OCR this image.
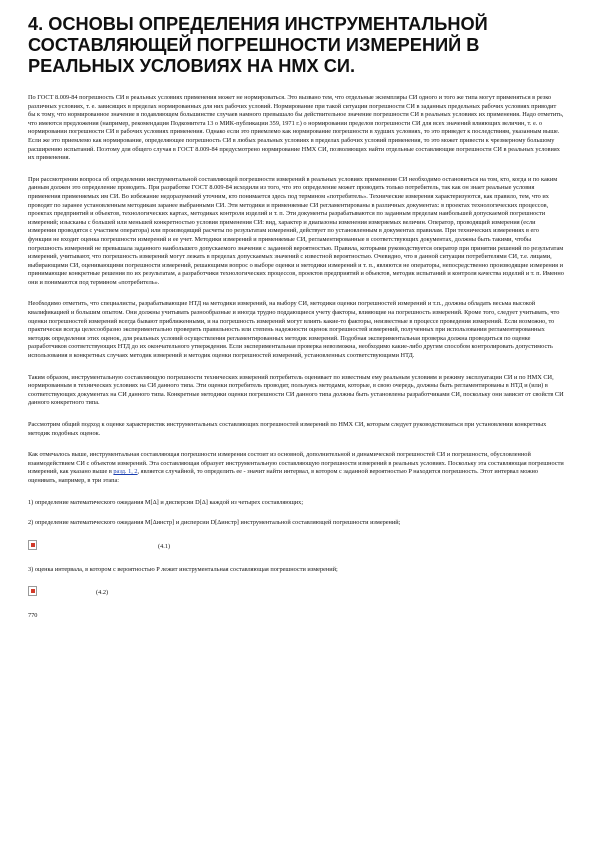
4. ОСНОВЫ ОПРЕДЕЛЕНИЯ ИНСТРУМЕНТАЛЬНОЙ СОСТАВЛЯЮЩЕЙ ПОГРЕШНОСТИ ИЗМЕРЕНИЙ В РЕАЛЬНЫХ УСЛОВИЯХ НА НМХ СИ.
По ГОСТ 8.009-84 погрешность СИ в реальных условиях применения может не нормироваться. Это вызвано тем, что отдельные экземпляры СИ одного и того же типа могут применяться в резко различных условиях, т. е. зависящих в пределах нормированных для них рабочих условий. Нормирование при такой ситуации погрешности СИ в заданных предельных рабочих условиях приводит бы к тому, что нормированное значение в подавляющем большинстве случаев намного превышало бы действительное значение погрешности СИ в реальных условиях их применения. Надо отметить, что имеются предложения (например, рекомендация Подкомитета 13 о МИК-публикации 359, 1971 г.) о нормировании пределов погрешности СИ для всех значений влияющих величин, т. е. о нормировании погрешности СИ в рабочих условиях применения. Однако если это приемлемо как нормирование погрешности в худших условиях, то это приведет к последствиям, указанным выше. Если же это приемлемо как нормирование, определяющее погрешность СИ в любых реальных условиях в пределах рабочих условий применения, то это может привести к чрезмерному большому расширению испытаний. Поэтому для общего случая в ГОСТ 8.009-84 предусмотрено нормирование НМХ СИ, позволяющих найти отдельные составляющие погрешности СИ в реальных условиях их применения.
При рассмотрении вопроса об определении инструментальной составляющей погрешности измерений в реальных условиях применения СИ необходимо остановиться на том, кто, когда и по каким данным должен это определение проводить. При разработке ГОСТ 8.009-84 исходили из того, что это определение может проводить только потребитель, так как он знает реальные условия применения применяемых им СИ. Во избежание недоразумений уточним, кто понимается здесь под термином «потребитель». Технические измерения характеризуются, как правило, тем, что их проводят по заранее установленным методикам заранее выбранными СИ. Эти методики и применяемые СИ регламентированы в различных документах: в проектах технологических процессов, проектах предприятий и объектов, технологических картах, методиках контроля изделий и т. п. Эти документы разрабатываются по заданным пределам наибольшей допускаемой погрешности измерений; изысканы с большей или меньшей конкретностью условия применения СИ: вид, характер и диапазоны изменения измеряемых величин. Оператор, проводящий измерения (если измерения проводятся с участием оператора) или производящий расчеты по результатам измерений, действует по установленным в документах правилам. При технических измерениях в его функции не входит оценка погрешности измерений и ее учет. Методики измерений и применяемые СИ, регламентированные в соответствующих документах, должны быть такими, чтобы погрешность измерений не превышала заданного наибольшего допускаемого значения с заданной вероятностью. Правила, которыми руководствуется оператор при принятии решений по результатам измерений, учитывают, что погрешность измерений могут лежать в пределах допускаемых значений с известной вероятностью. Очевидно, что в данной ситуации потребителями СИ, т.е. лицами, выбирающими СИ, оценивающими погрешности измерений, решающими вопрос о выборе оценки и методики измерений и т. п., являются не операторы, непосредственно производящие измерения и принимающие конкретные решения по их результатам, а разработчики технологических процессов, проектов предприятий и объектов, методик испытаний и контроля качества изделий и т. п. Именно они и понимаются под термином «потребитель».
Необходимо отметить, что специалисты, разрабатывающие НТД на методики измерений, на выбору СИ, методики оценки погрешностей измерений и т.п., должны обладать весьма высокой квалификацией и большим опытом. Они должны учитывать разнообразные и иногда трудно поддающиеся учету факторы, влияющие на погрешность измерений. Кроме того, следует учитывать, что оценки погрешностей измерений всегда бывают приближенными, и на погрешность измерений могут влиять какие-то факторы, неизвестные в процессе проведения измерений. Если возможно, то практически всегда целесообразно экспериментально проверить правильность или степень надежности оценок погрешностей измерений, полученных при использовании регламентированных методик определения этих оценок, для реальных условий осуществления регламентированных методик измерений. Подобная экспериментальная проверка должна проводиться по оценке разработчиков соответствующих НТД до их окончательного утверждения. Если экспериментальная проверка невозможна, необходимо какие-либо другим способом контролировать допустимость использования в конкретных случаях методик измерений и методик оценки погрешностей измерений, установленных соответствующими НТД.
Таким образом, инструментальную составляющую погрешности технических измерений потребитель оценивает по известным ему реальным условиям и режиму эксплуатации СИ и по НМХ СИ, нормированным в технических условиях на СИ данного типа. Эти оценки потребитель проводит, пользуясь методами, которые, в свою очередь, должны быть регламентированы в НТД и (или) в соответствующих документах на СИ данного типа. Конкретные методики оценки погрешности СИ данного типа должны быть установлены разработчиками СИ, поскольку они зависят от свойств СИ данного конкретного типа.
Рассмотрим общий подход к оценке характеристик инструментальных составляющих погрешностей измерений по НМХ СИ, которым следует руководствоваться при установлении конкретных методик подобных оценок.
Как отмечалось выше, инструментальная составляющая погрешности измерения состоит из основной, дополнительной и динамической погрешностей СИ и погрешности, обусловленной взаимодействием СИ с объектом измерений. Эта составляющая образует инструментальную составляющую погрешности измерений в реальных условиях. Поскольку эта составляющая погрешности измерений, как указано выше в разд. 1, 2, является случайной, то определить ее - значит найти интервал, в котором с заданной вероятностью P находится погрешность. Этот интервал можно оценивать, например, в три этапа:
1) определение математического ожидания M[Δ] и дисперсии D[Δ] каждой из четырех составляющих;
2) определение математического ожидания M[Δинстр] и дисперсии D[Δинстр] инструментальной составляющей погрешности измерений;
(4.1)
3) оценка интервала, в котором с вероятностью P лежит инструментальная составляющая погрешности измерений;
(4.2)
770
